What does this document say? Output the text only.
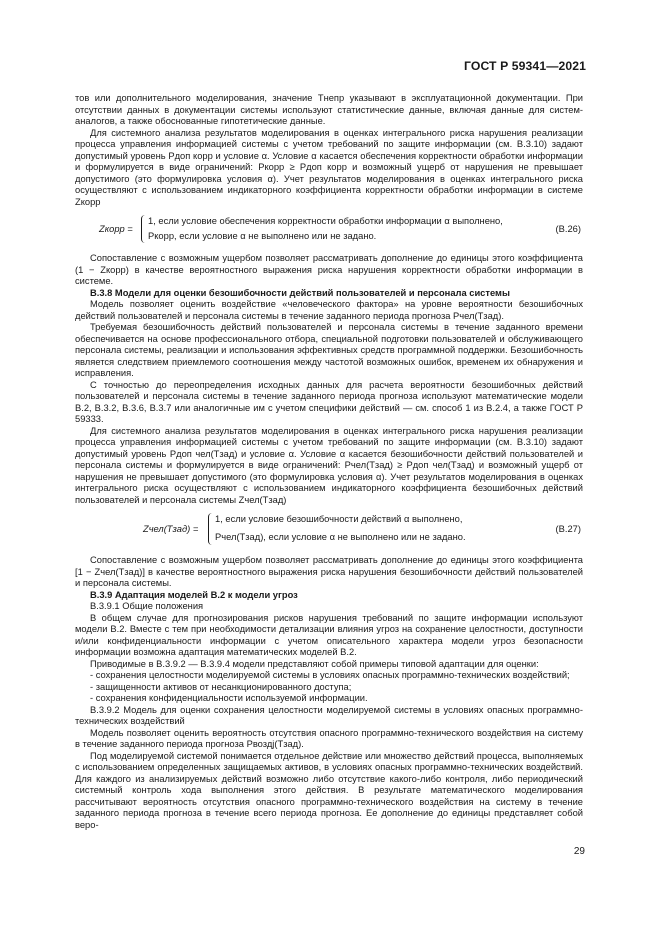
ГОСТ Р 59341—2021

тов или дополнительного моделирования, значение Tнепр указывают в эксплуатационной документации. При отсутствии данных в документации системы используют статистические данные, включая данные для систем-аналогов, а также обоснованные гипотетические данные.

Для системного анализа результатов моделирования в оценках интегрального риска нарушения реализации процесса управления информацией системы с учетом требований по защите информации (см. В.3.10) задают допустимый уровень Pдоп корр и условие α. Условие α касается обеспечения корректности обработки информации и формулируется в виде ограничений: Pкорр ≥ Pдоп корр и возможный ущерб от нарушения не превышает допустимого (это формулировка условия α). Учет результатов моделирования в оценках интегрального риска осуществляют с использованием индикаторного коэффициента корректности обработки информации в системе Zкорр

Zкорр =
1, если условие обеспечения корректности обработки информации α выполнено,
Pкорр, если условие α не выполнено или не задано.
(В.26)

Сопоставление с возможным ущербом позволяет рассматривать дополнение до единицы этого коэффициента (1 − Zкорр) в качестве вероятностного выражения риска нарушения корректности обработки информации в системе.

В.3.8 Модели для оценки безошибочности действий пользователей и персонала системы

Модель позволяет оценить воздействие «человеческого фактора» на уровне вероятности безошибочных действий пользователей и персонала системы в течение заданного периода прогноза Pчел(Tзад).

Требуемая безошибочность действий пользователей и персонала системы в течение заданного времени обеспечивается на основе профессионального отбора, специальной подготовки пользователей и обслуживающего персонала системы, реализации и использования эффективных средств программной поддержки. Безошибочность является следствием приемлемого соотношения между частотой возможных ошибок, временем их обнаружения и исправления.

С точностью до переопределения исходных данных для расчета вероятности безошибочных действий пользователей и персонала системы в течение заданного периода прогноза используют математические модели В.2, В.3.2, В.3.6, В.3.7 или аналогичные им с учетом специфики действий — см. способ 1 из В.2.4, а также ГОСТ Р 59333.

Для системного анализа результатов моделирования в оценках интегрального риска нарушения реализации процесса управления информацией системы с учетом требований по защите информации (см. В.3.10) задают допустимый уровень Pдоп чел(Tзад) и условие α. Условие α касается безошибочности действий пользователей и персонала системы и формулируется в виде ограничений: Pчел(Tзад) ≥ Pдоп чел(Tзад) и возможный ущерб от нарушения не превышает допустимого (это формулировка условия α). Учет результатов моделирования в оценках интегрального риска осуществляют с использованием индикаторного коэффициента безошибочных действий пользователей и персонала системы Zчел(Tзад)

Zчел(Tзад) =
1, если условие безошибочности действий α выполнено,
Pчел(Tзад), если условие α не выполнено или не задано.
(В.27)

Сопоставление с возможным ущербом позволяет рассматривать дополнение до единицы этого коэффициента [1 − Zчел(Tзад)] в качестве вероятностного выражения риска нарушения безошибочности действий пользователей и персонала системы.

В.3.9 Адаптация моделей В.2 к модели угроз

В.3.9.1 Общие положения

В общем случае для прогнозирования рисков нарушения требований по защите информации используют модели В.2. Вместе с тем при необходимости детализации влияния угроз на сохранение целостности, доступности и/или конфиденциальности информации с учетом описательного характера модели угроз безопасности информации возможна адаптация математических моделей В.2.

Приводимые в В.3.9.2 — В.3.9.4 модели представляют собой примеры типовой адаптации для оценки:

- сохранения целостности моделируемой системы в условиях опасных программно-технических воздействий;

- защищенности активов от несанкционированного доступа;

- сохранения конфиденциальности используемой информации.

В.3.9.2 Модель для оценки сохранения целостности моделируемой системы в условиях опасных программно-технических воздействий

Модель позволяет оценить вероятность отсутствия опасного программно-технического воздействия на систему в течение заданного периода прогноза Pвоздj(Tзад).

Под моделируемой системой понимается отдельное действие или множество действий процесса, выполняемых с использованием определенных защищаемых активов, в условиях опасных программно-технических воздействий. Для каждого из анализируемых действий возможно либо отсутствие какого-либо контроля, либо периодический системный контроль хода выполнения этого действия. В результате математического моделирования рассчитывают вероятность отсутствия опасного программно-технического воздействия на систему в течение заданного периода прогноза в течение всего периода прогноза. Ее дополнение до единицы представляет собой веро-

29
